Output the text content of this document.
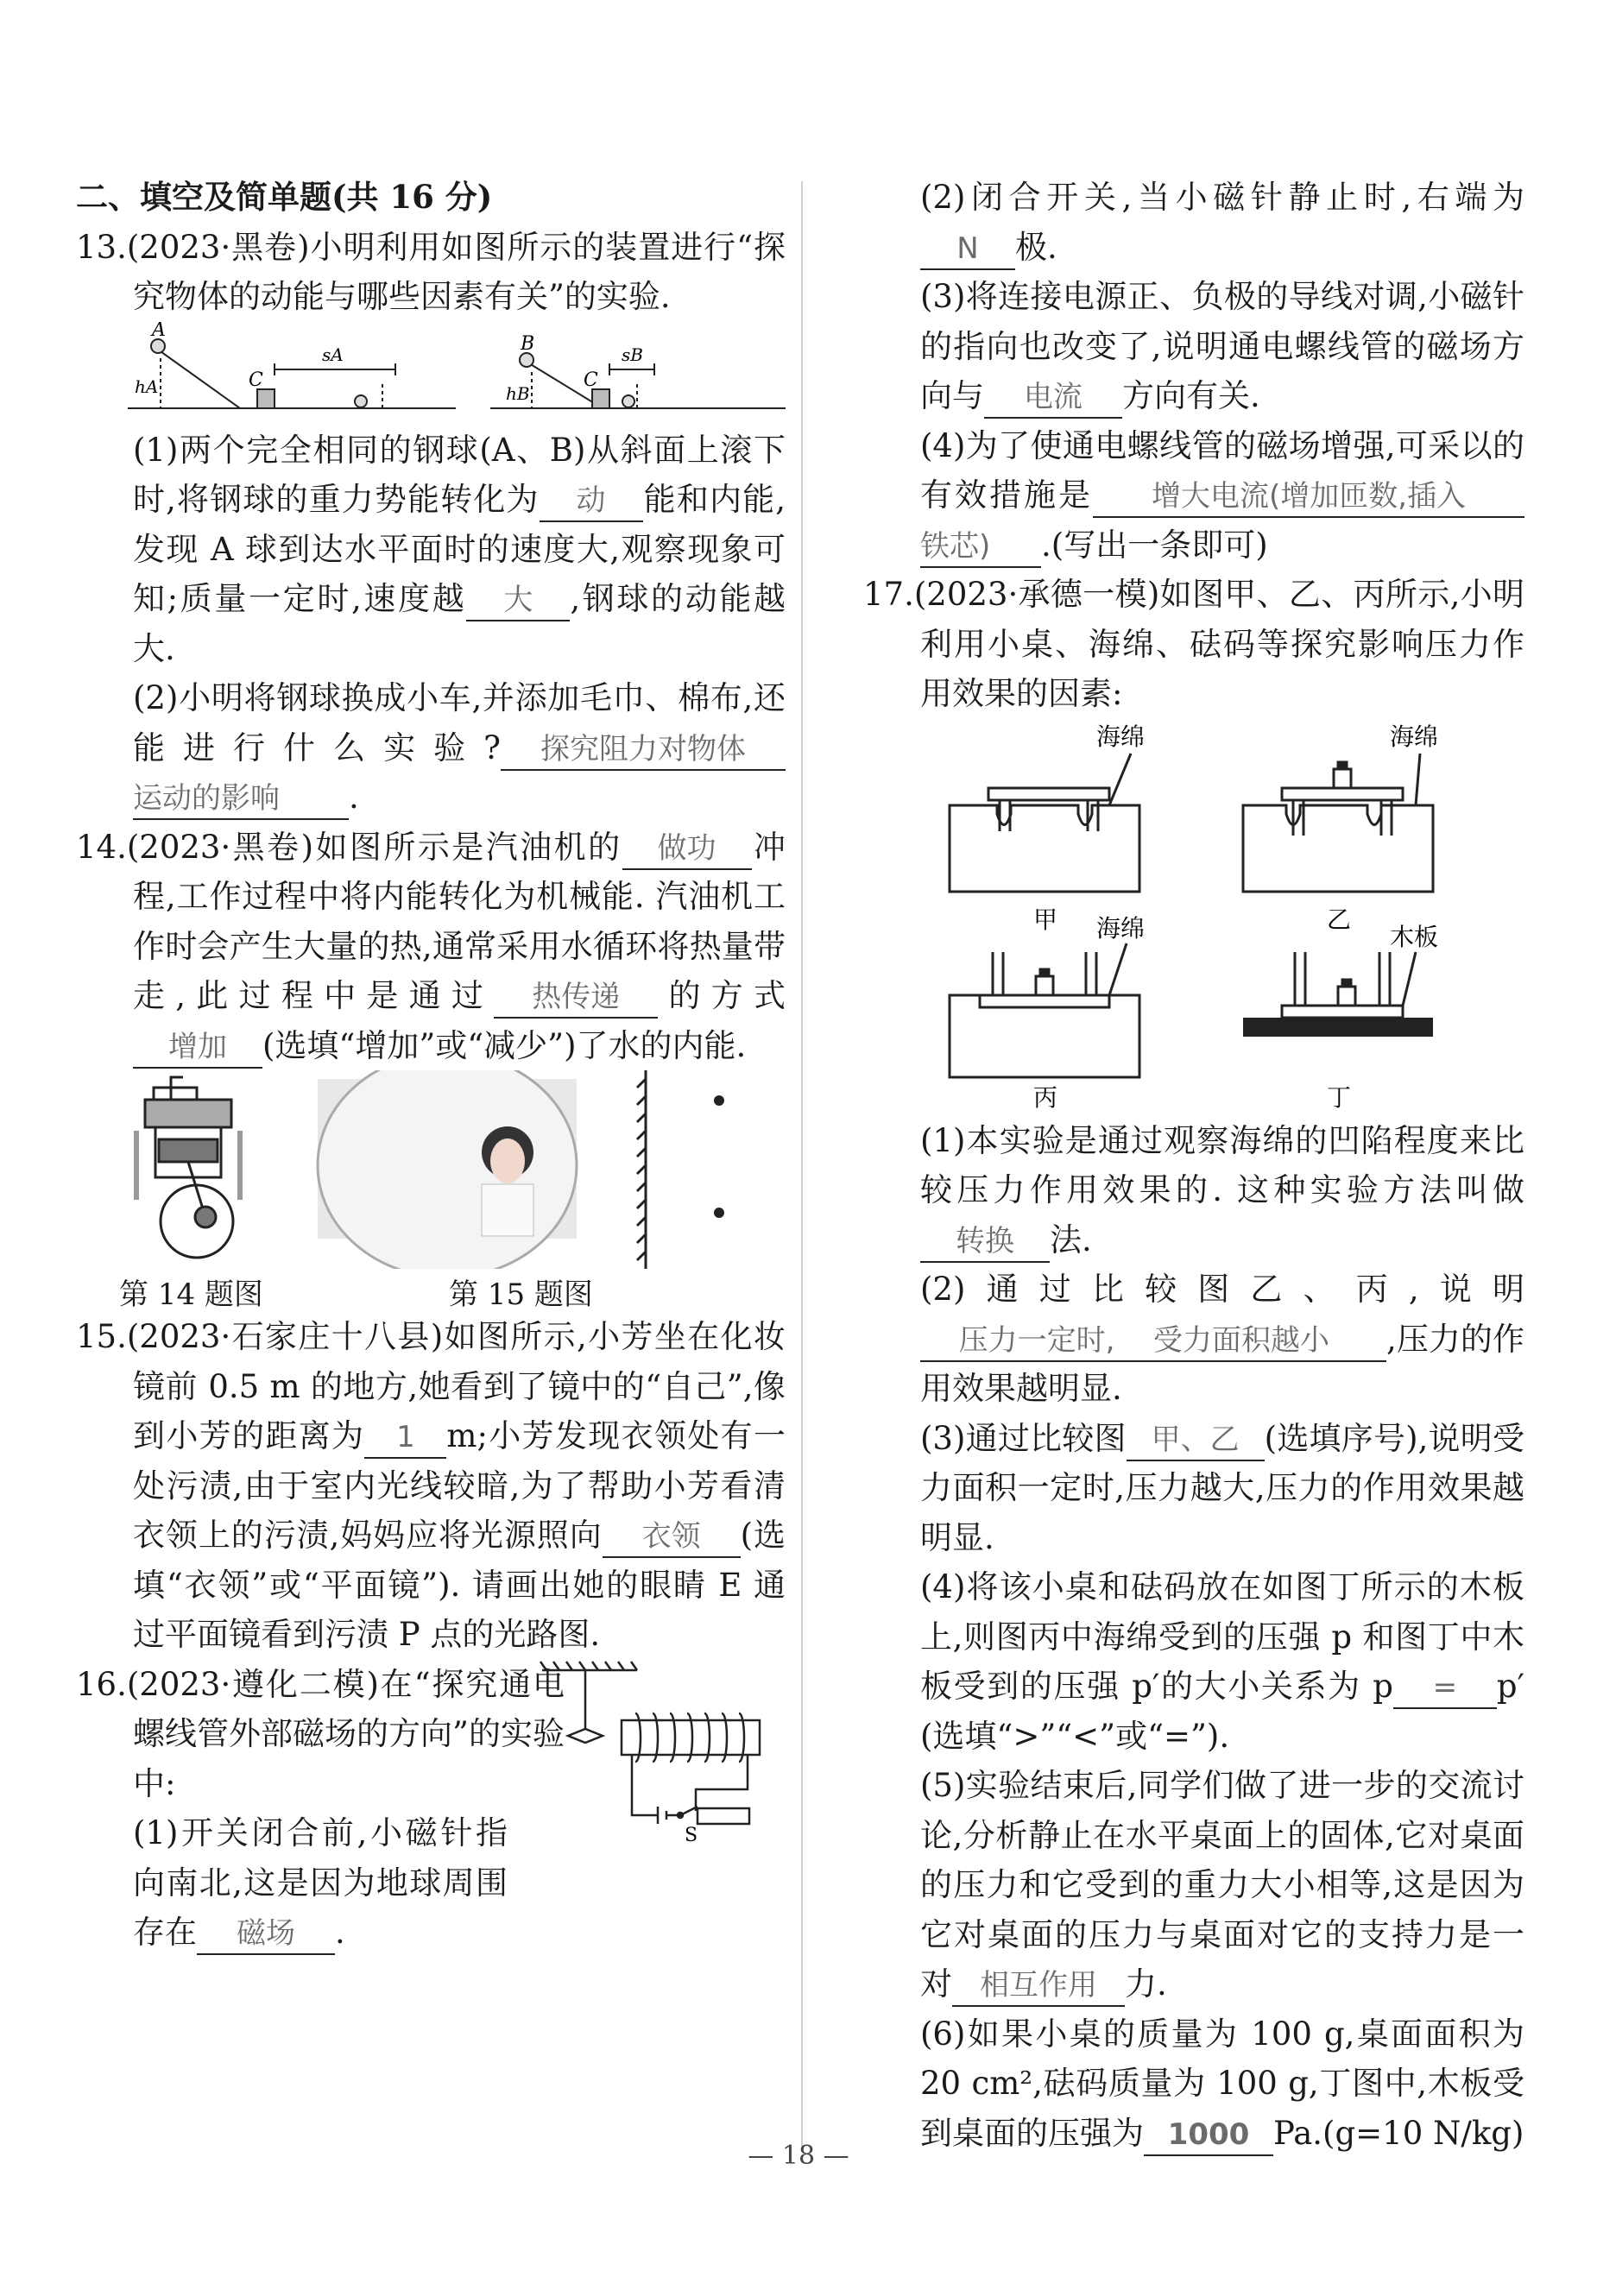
二、填空及简单题(共 16 分)

13.(2023·黑卷)小明利用如图所示的装置进行“探究物体的动能与哪些因素有关”的实验.

A
B
C	C
sA	sB
hA	hB

(1)两个完全相同的钢球(A、B)从斜面上滚下时,将钢球的重力势能转化为 动 能和内能,发现 A 球到达水平面时的速度大,观察现象可知;质量一定时,速度越 大 ,钢球的动能越大.

(2)小明将钢球换成小车,并添加毛巾、棉布,还能进行什么实验? 探究阻力对物体运动的影响 .

14.(2023·黑卷)如图所示是汽油机的 做功 冲程,工作过程中将内能转化为机械能. 汽油机工作时会产生大量的热,通常采用水循环将热量带走,此过程中是通过 热传递 的方式增加 (选填“增加”或“减少”)了水的内能.

第 14 题图	第 15 题图

15.(2023·石家庄十八县)如图所示,小芳坐在化妆镜前 0.5 m 的地方,她看到了镜中的“自己”,像到小芳的距离为 1 m;小芳发现衣领处有一处污渍,由于室内光线较暗,为了帮助小芳看清衣领上的污渍,妈妈应将光源照向 衣领 (选填“衣领”或“平面镜”). 请画出她的眼睛 E 通过平面镜看到污渍 P 点的光路图.

16.(2023·遵化二模)在“探究通电螺线管外部磁场的方向”的实验中:

(1)开关闭合前,小磁针指向南北,这是因为地球周围存在 磁场 .

S

(2)闭合开关,当小磁针静止时,右端为N 极.

(3)将连接电源正、负极的导线对调,小磁针的指向也改变了,说明通电螺线管的磁场方向与 电流 方向有关.

(4)为了使通电螺线管的磁场增强,可采以的有效措施是 增大电流(增加匝数,插入铁芯) .(写出一条即可)

17.(2023·承德一模)如图甲、乙、丙所示,小明利用小桌、海绵、砝码等探究影响压力作用效果的因素:

海绵	海绵
海绵	木板
甲	乙
丙	丁

(1)本实验是通过观察海绵的凹陷程度来比较压力作用效果的. 这种实验方法叫做转换 法.

(2)通过比较图乙、丙,说明压力一定时, 受力面积越小 ,压力的作用效果越明显.

(3)通过比较图 甲、乙 (选填序号),说明受力面积一定时,压力越大,压力的作用效果越明显.

(4)将该小桌和砝码放在如图丁所示的木板上,则图丙中海绵受到的压强 p 和图丁中木板受到的压强 p′的大小关系为 p = p′(选填“>”“<”或“=”).

(5)实验结束后,同学们做了进一步的交流讨论,分析静止在水平桌面上的固体,它对桌面的压力和它受到的重力大小相等,这是因为它对桌面的压力与桌面对它的支持力是一对 相互作用 力.

(6)如果小桌的质量为 100 g,桌面面积为 20 cm²,砝码质量为 100 g,丁图中,木板受到桌面的压强为 1000 Pa.(g=10 N/kg)

— 18 —
